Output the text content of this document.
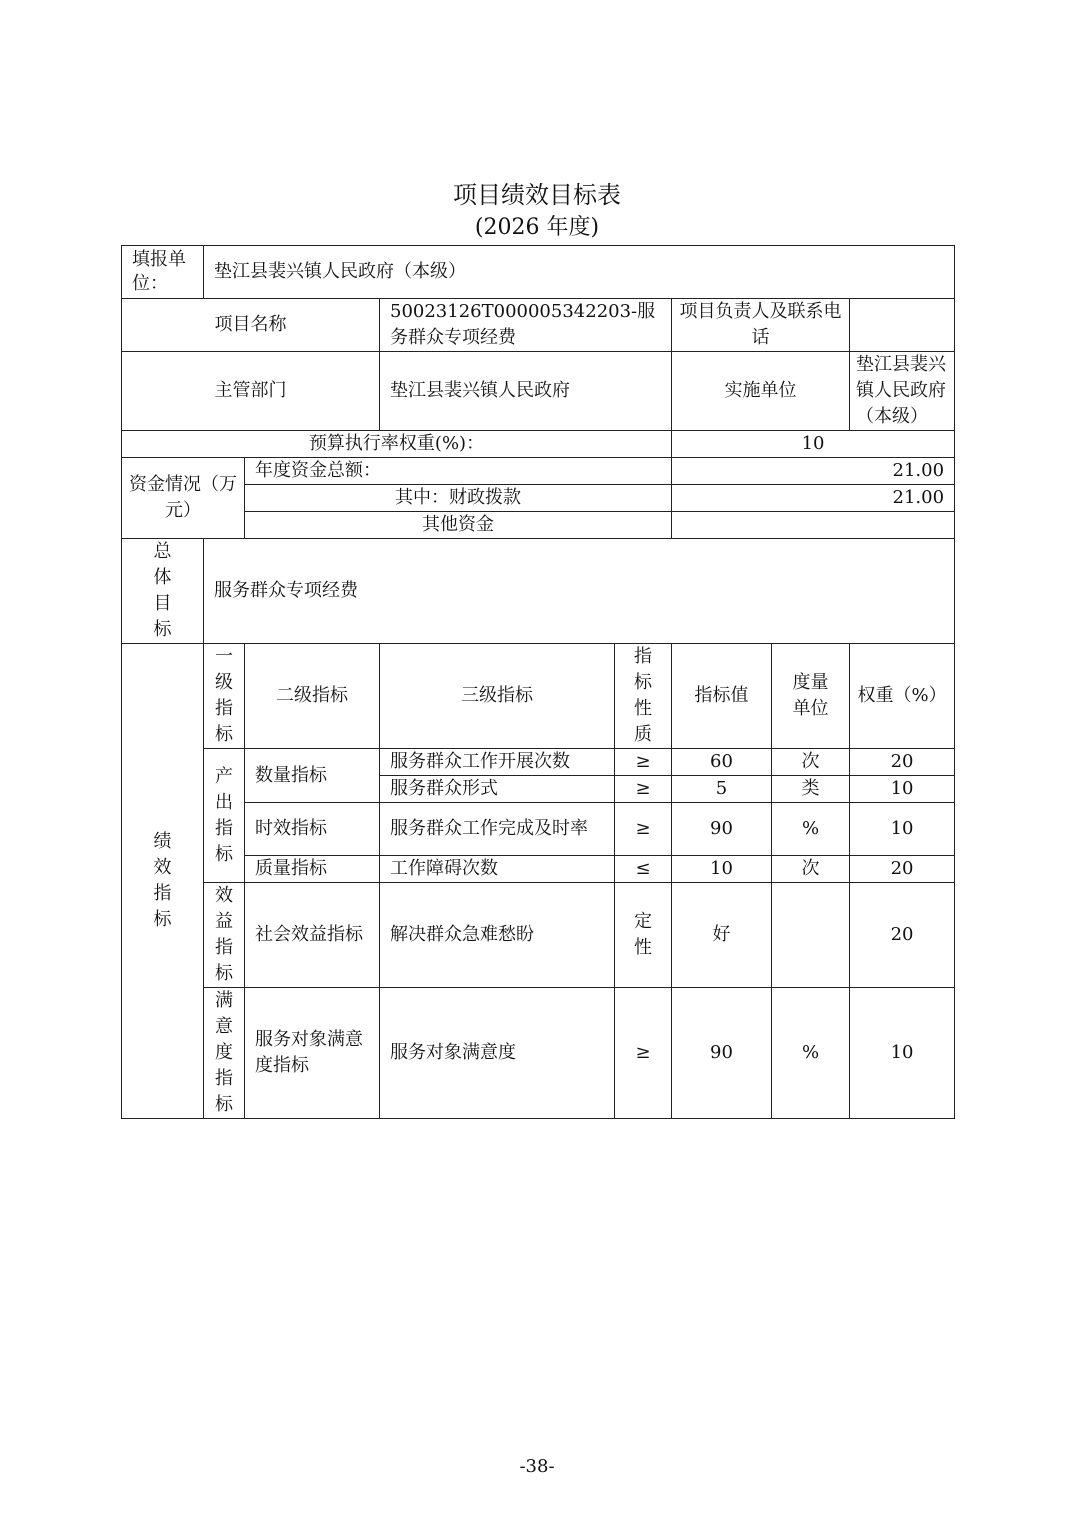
项目绩效目标表
(2026 年度)
填报单位：	垫江县裴兴镇人民政府（本级）						
项目名称			50023126T000005342203-服务群众专项经费		项目负责人及联系电话		
主管部门			垫江县裴兴镇人民政府		实施单位		垫江县裴兴镇人民政府（本级）
预算执行率权重(%)：					10		
资金情况（万元）		年度资金总额：			21.00		
		其中：财政拨款			21.00		
		其他资金					

总体目标	服务群众专项经费						

绩效指标	一级指标	二级指标	三级指标	指标性质	指标值	度量单位	权重（%）

	产出指标	数量指标	服务群众工作开展次数	≥	60	次	20
			服务群众形式	≥	5	类	10
		时效指标	服务群众工作完成及时率	≥	90	%	10
		质量指标	工作障碍次数	≤	10	次	20

	效益指标	社会效益指标	解决群众急难愁盼	定性	好		20

	满意度指标	服务对象满意度指标	服务对象满意度	≥	90	%	10
-38-
